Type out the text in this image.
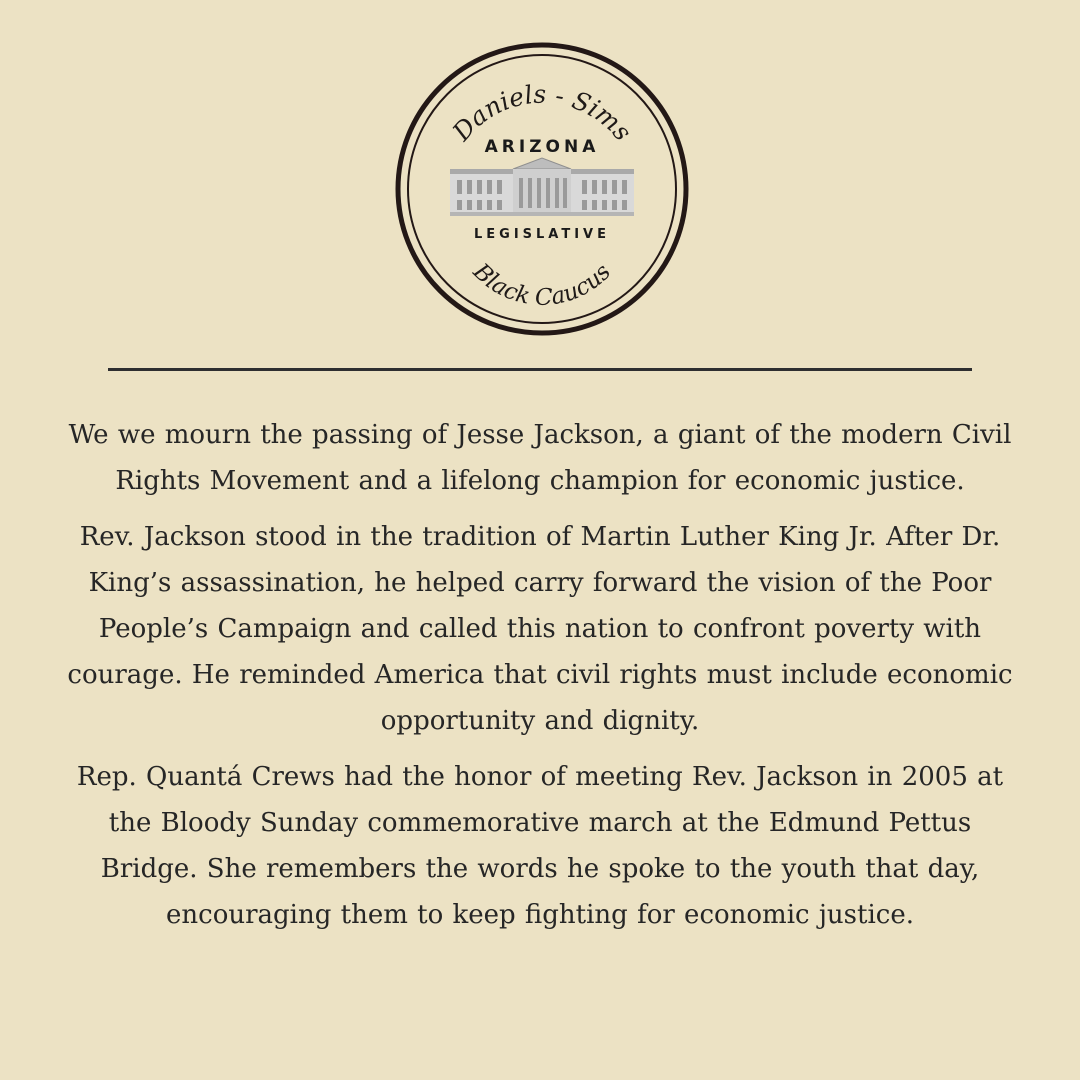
Daniels - Sims
ARIZONA
LEGISLATIVE
Black Caucus

We we mourn the passing of Jesse Jackson, a giant of the modern Civil Rights Movement and a lifelong champion for economic justice.

Rev. Jackson stood in the tradition of Martin Luther King Jr. After Dr. King’s assassination, he helped carry forward the vision of the Poor People’s Campaign and called this nation to confront poverty with courage. He reminded America that civil rights must include economic opportunity and dignity.

Rep. Quantá Crews had the honor of meeting Rev. Jackson in 2005 at the Bloody Sunday commemorative march at the Edmund Pettus Bridge. She remembers the words he spoke to the youth that day, encouraging them to keep fighting for economic justice.
